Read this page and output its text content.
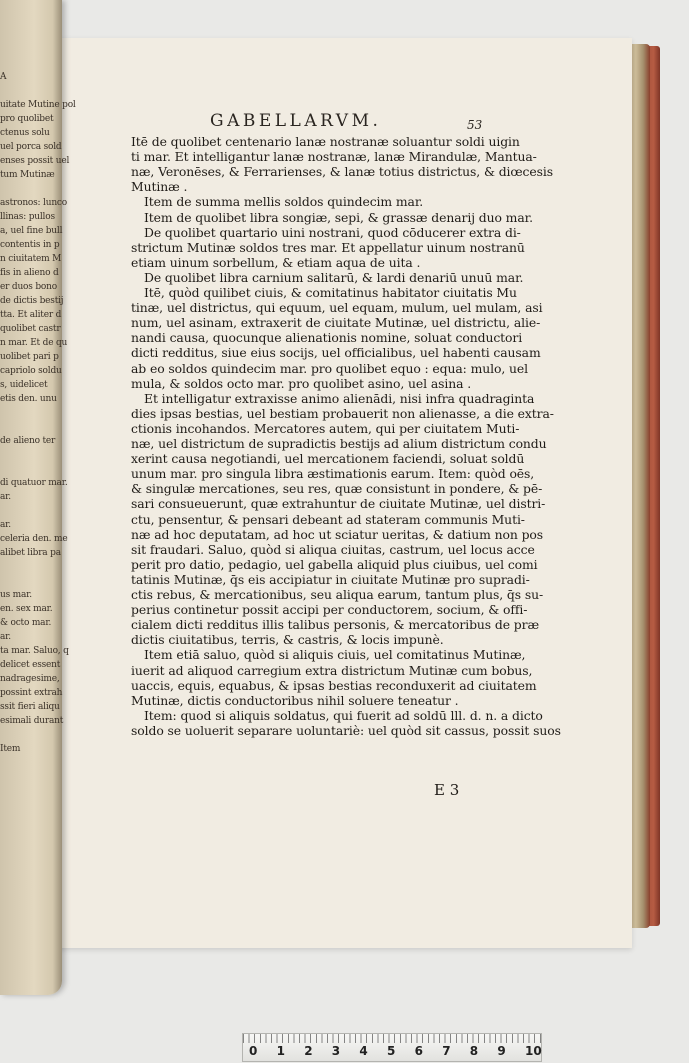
GABELLARVM.	53
Itē de quolibet centenario lanæ nostranæ soluantur soldi uigin
ti mar. Et intelligantur lanæ nostranæ, lanæ Mirandulæ, Mantua-
næ, Veronēses, & Ferrarienses, & lanæ totius districtus, & diœcesis
Mutinæ .
Item de summa mellis soldos quindecim mar.
Item de quolibet libra songiæ, sepi, & grassæ denarij duo mar.
De quolibet quartario uini nostrani, quod cōducerer extra di-
strictum Mutinæ soldos tres mar. Et appellatur uinum nostranū
etiam uinum sorbellum, & etiam aqua de uita .
De quolibet libra carnium salitarū, & lardi denariū unuū mar.
Itē, quòd quilibet ciuis, & comitatinus habitator ciuitatis Mu
tinæ, uel districtus, qui equum, uel equam, mulum, uel mulam, asi
num, uel asinam, extraxerit de ciuitate Mutinæ, uel districtu, alie-
nandi causa, quocunque alienationis nomine, soluat conductori
dicti redditus, siue eius socijs, uel officialibus, uel habenti causam
ab eo soldos quindecim mar. pro quolibet equo : equa: mulo, uel
mula, & soldos octo mar. pro quolibet asino, uel asina .
Et intelligatur extraxisse animo alienādi, nisi infra quadraginta
dies ipsas bestias, uel bestiam probauerit non alienasse, a die extra-
ctionis incohandos. Mercatores autem, qui per ciuitatem Muti-
næ, uel districtum de supradictis bestijs ad alium districtum condu
xerint causa negotiandi, uel mercationem faciendi, soluat soldū
unum mar. pro singula libra æstimationis earum. Item: quòd oēs,
& singulæ mercationes, seu res, quæ consistunt in pondere, & pē-
sari consueuerunt, quæ extrahuntur de ciuitate Mutinæ, uel distri-
ctu, pensentur, & pensari debeant ad stateram communis Muti-
næ ad hoc deputatam, ad hoc ut sciatur ueritas, & datium non pos
sit fraudari. Saluo, quòd si aliqua ciuitas, castrum, uel locus acce
perit pro datio, pedagio, uel gabella aliquid plus ciuibus, uel comi
tatinis Mutinæ, q̄s eis accipiatur in ciuitate Mutinæ pro supradi-
ctis rebus, & mercationibus, seu aliqua earum, tantum plus, q̄s su-
perius continetur possit accipi per conductorem, socium, & offi-
cialem dicti redditus illis talibus personis, & mercatoribus de præ
dictis ciuitatibus, terris, & castris, & locis impunè.
Item etiā saluo, quòd si aliquis ciuis, uel comitatinus Mutinæ,
iuerit ad aliquod carregium extra districtum Mutinæ cum bobus,
uaccis, equis, equabus, & ipsas bestias reconduxerit ad ciuitatem
Mutinæ, dictis conductoribus nihil soluere teneatur .
Item: quod si aliquis soldatus, qui fuerit ad soldū lll. d. n. a dicto
soldo se uoluerit separare uoluntariè: uel quòd sit cassus, possit suos
E 3
A
uitate Mutine pol
pro quolibet
ctenus solu
uel porca sold
enses possit uel
tum Mutinæ
astronos: lunco
llinas: pullos
a, uel fine bull
contentis in p
n ciuitatem M
fis in alieno d
er duos bono
de dictis bestij
tta. Et aliter d
quolibet castr
n mar. Et de qu
uolibet pari p
capriolo soldu
s, uidelicet
etis den. unu
de alieno ter
di quatuor mar.
ar.
ar.
celeria den. me
alibet libra pa
us mar.
en. sex mar.
& octo mar.
ar.
ta mar. Saluo, q
delicet essent
nadragesime,
possint extrah
ssit fieri aliqu
esimali durant
Item
0 1 2 3 4 5 6 7 8 9 10
